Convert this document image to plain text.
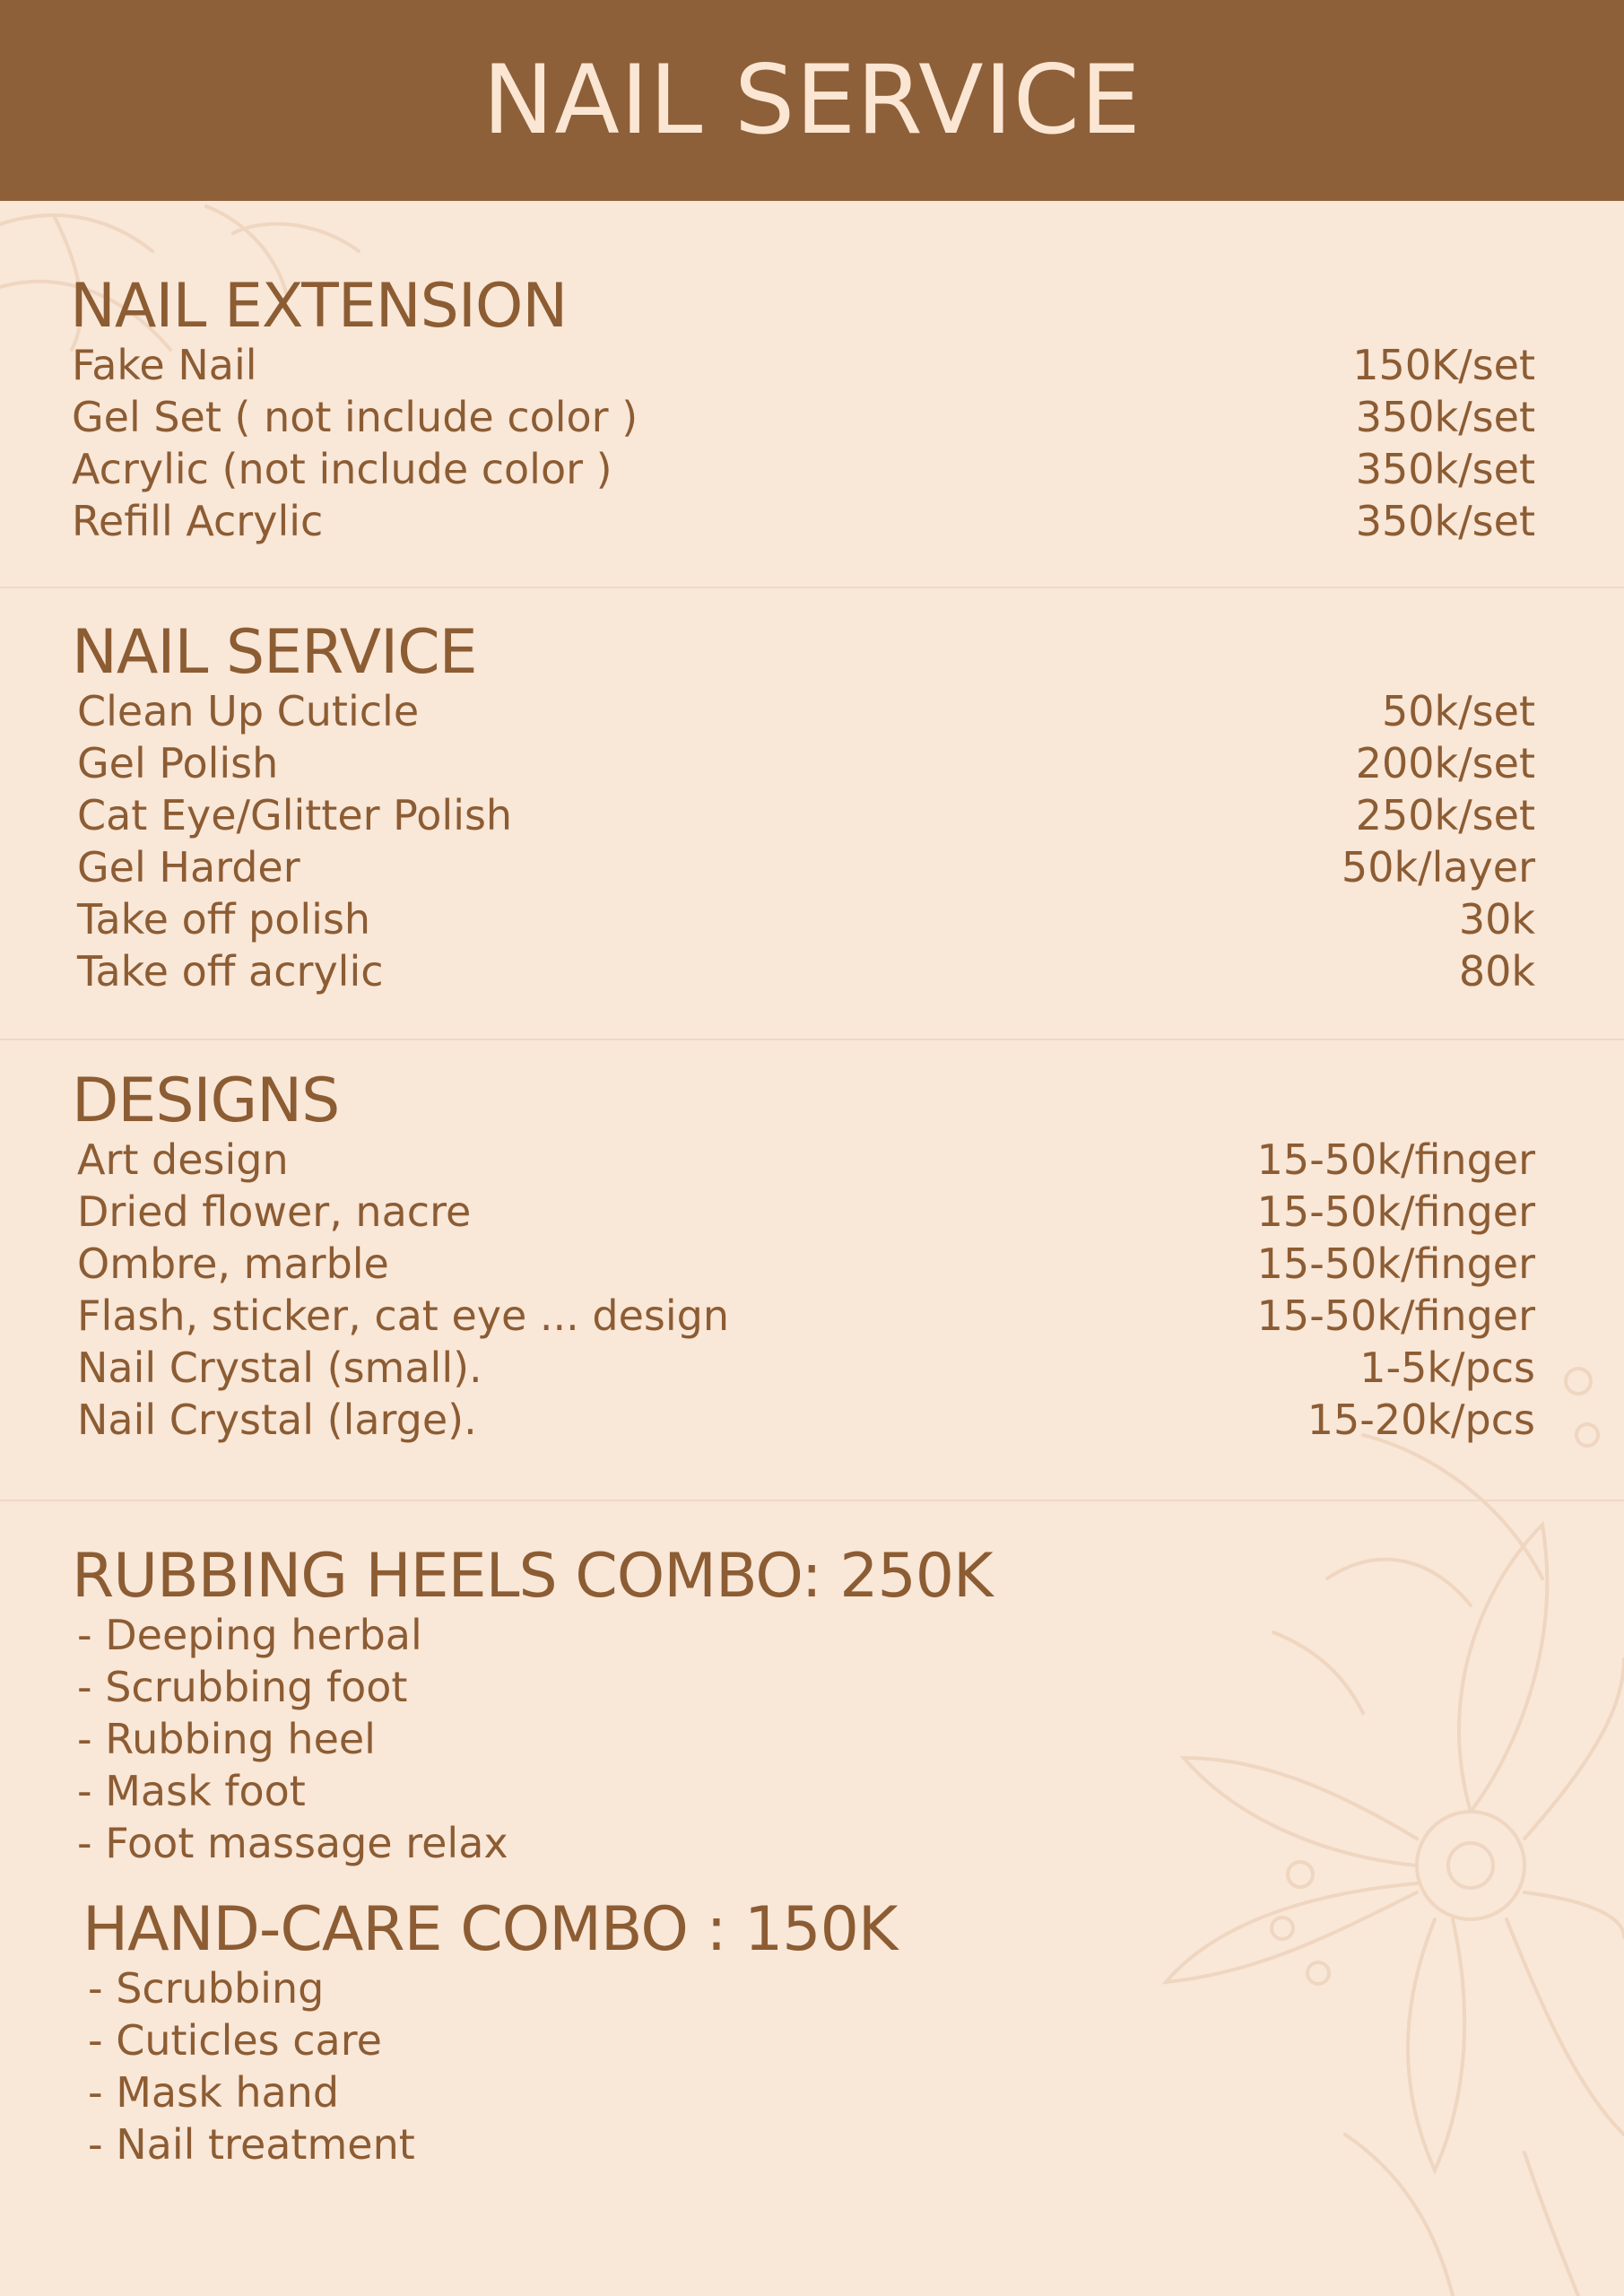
NAIL SERVICE
NAIL EXTENSION
Fake Nail	150K/set
Gel Set ( not include color )	350k/set
Acrylic (not include color )	350k/set
Refill Acrylic	350k/set
NAIL SERVICE
Clean Up Cuticle	50k/set
Gel Polish	200k/set
Cat Eye/Glitter Polish	250k/set
Gel Harder	50k/layer
Take off polish	30k
Take off acrylic	80k
DESIGNS
Art design	15-50k/finger
Dried flower, nacre	15-50k/finger
Ombre, marble	15-50k/finger
Flash, sticker, cat eye ... design	15-50k/finger
Nail Crystal (small).	1-5k/pcs
Nail Crystal (large).	15-20k/pcs
RUBBING HEELS COMBO: 250K
- Deeping herbal
- Scrubbing foot
- Rubbing heel
- Mask foot
- Foot massage relax
HAND-CARE COMBO : 150K
- Scrubbing
- Cuticles care
- Mask hand
- Nail treatment
